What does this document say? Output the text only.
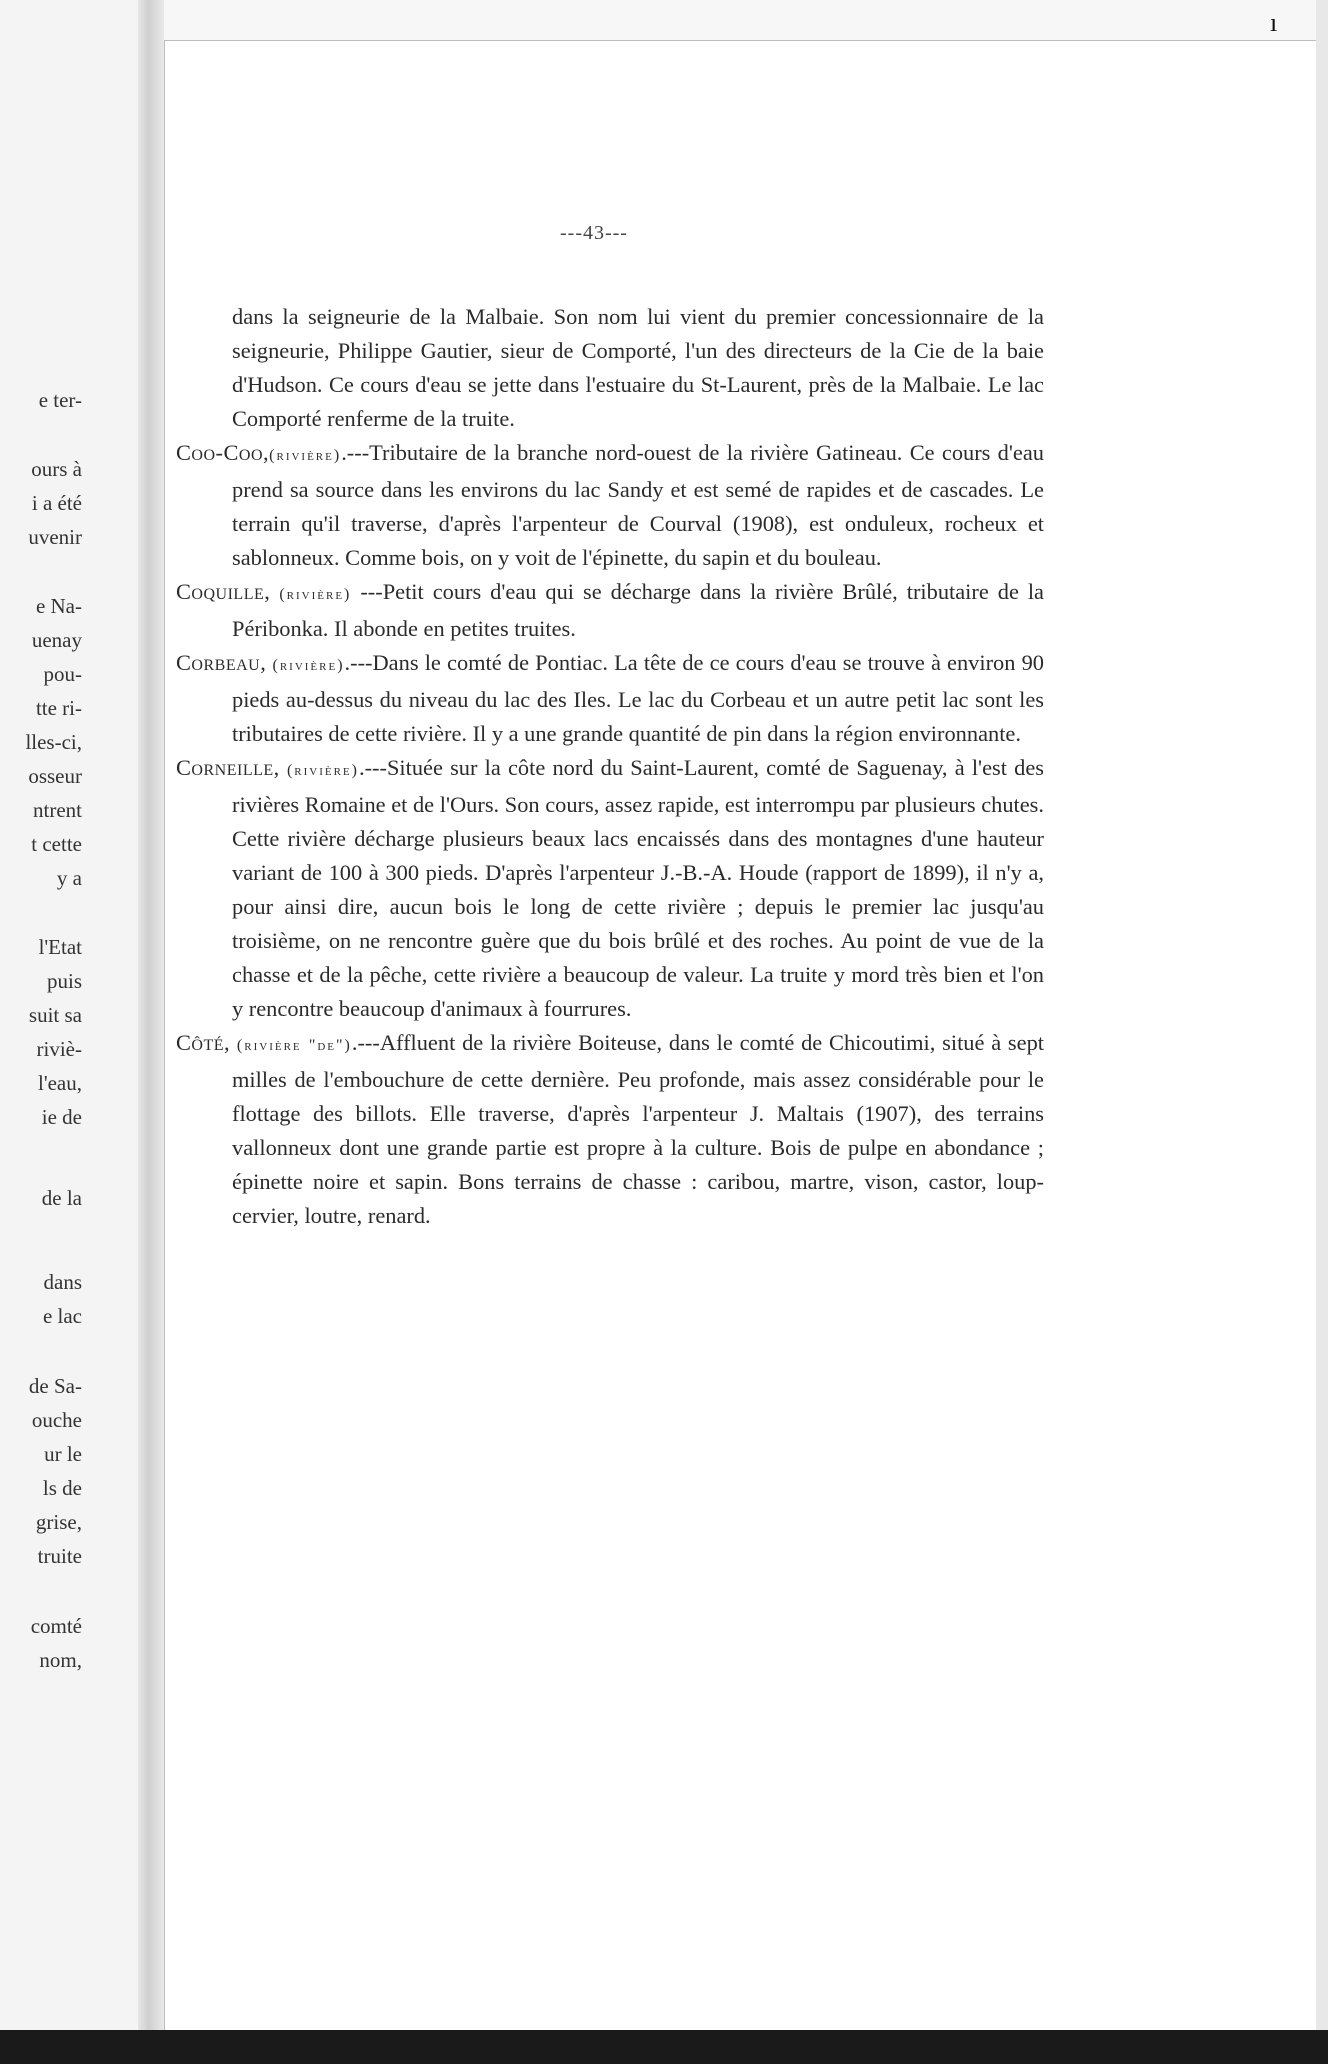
e ter-
ours à
i a été
uvenir
e Na-
uenay
pou-
tte ri-
lles-ci,
osseur
ntrent
t cette
y a
l'Etat
puis
suit sa
riviè-
l'eau,
ie de
de la
dans
e lac
de Sa-
ouche
ur le
ls de
grise,
truite
comté
nom,
---43---

dans la seigneurie de la Malbaie. Son nom lui vient du premier concessionnaire de la seigneurie, Philippe Gautier, sieur de Comporté, l'un des directeurs de la Cie de la baie d'Hudson. Ce cours d'eau se jette dans l'estuaire du St-Laurent, près de la Malbaie. Le lac Comporté renferme de la truite.

Coo-Coo,(rivière).---Tributaire de la branche nord-ouest de la rivière Gatineau. Ce cours d'eau prend sa source dans les environs du lac Sandy et est semé de rapides et de cascades. Le terrain qu'il traverse, d'après l'arpenteur de Courval (1908), est onduleux, rocheux et sablonneux. Comme bois, on y voit de l'épinette, du sapin et du bouleau.

Coquille, (rivière) ---Petit cours d'eau qui se décharge dans la rivière Brûlé, tributaire de la Péribonka. Il abonde en petites truites.

Corbeau, (rivière).---Dans le comté de Pontiac. La tête de ce cours d'eau se trouve à environ 90 pieds au-dessus du niveau du lac des Iles. Le lac du Corbeau et un autre petit lac sont les tributaires de cette rivière. Il y a une grande quantité de pin dans la région environnante.

Corneille, (rivière).---Située sur la côte nord du Saint-Laurent, comté de Saguenay, à l'est des rivières Romaine et de l'Ours. Son cours, assez rapide, est interrompu par plusieurs chutes. Cette rivière décharge plusieurs beaux lacs encaissés dans des montagnes d'une hauteur variant de 100 à 300 pieds. D'après l'arpenteur J.-B.-A. Houde (rapport de 1899), il n'y a, pour ainsi dire, aucun bois le long de cette rivière ; depuis le premier lac jusqu'au troisième, on ne rencontre guère que du bois brûlé et des roches. Au point de vue de la chasse et de la pêche, cette rivière a beaucoup de valeur. La truite y mord très bien et l'on y rencontre beaucoup d'animaux à fourrures.

Côté, (rivière "de").---Affluent de la rivière Boiteuse, dans le comté de Chicoutimi, situé à sept milles de l'embouchure de cette dernière. Peu profonde, mais assez considérable pour le flottage des billots. Elle traverse, d'après l'arpenteur J. Maltais (1907), des terrains vallonneux dont une grande partie est propre à la culture. Bois de pulpe en abondance ; épinette noire et sapin. Bons terrains de chasse : caribou, martre, vison, castor, loup-cervier, loutre, renard.

ı
